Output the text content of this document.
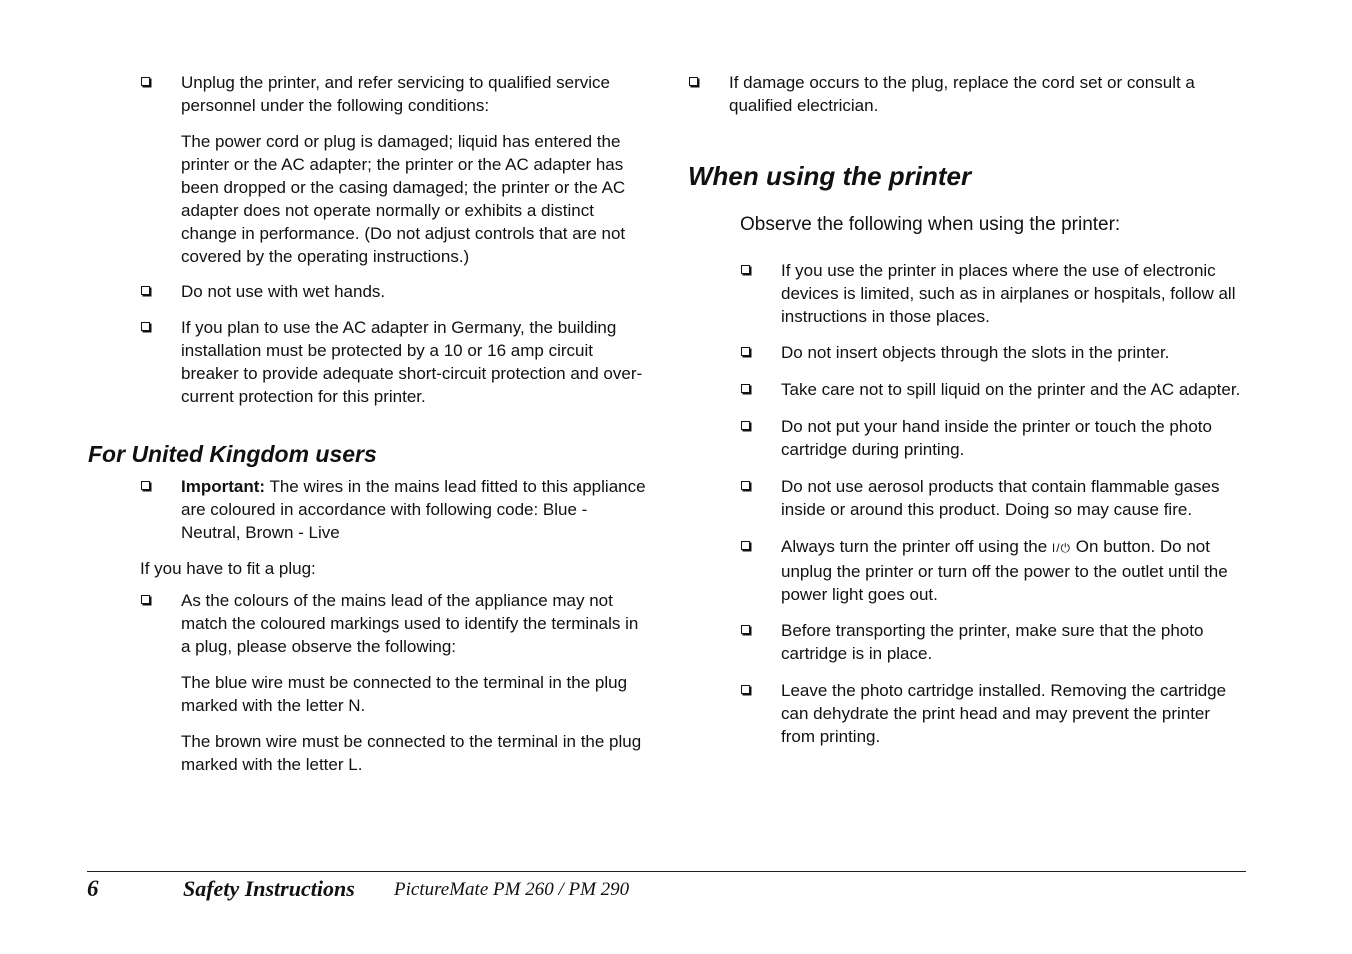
Unplug the printer, and refer servicing to qualified service personnel under the following conditions:
The power cord or plug is damaged; liquid has entered the printer or the AC adapter; the printer or the AC adapter has been dropped or the casing damaged; the printer or the AC adapter does not operate normally or exhibits a distinct change in performance. (Do not adjust controls that are not covered by the operating instructions.)
Do not use with wet hands.
If you plan to use the AC adapter in Germany, the building installation must be protected by a 10 or 16 amp circuit breaker to provide adequate short-circuit protection and over-current protection for this printer.
For United Kingdom users
Important: The wires in the mains lead fitted to this appliance are coloured in accordance with following code: Blue - Neutral, Brown - Live
If you have to fit a plug:
As the colours of the mains lead of the appliance may not match the coloured markings used to identify the terminals in a plug, please observe the following:
The blue wire must be connected to the terminal in the plug marked with the letter N.
The brown wire must be connected to the terminal in the plug marked with the letter L.
If damage occurs to the plug, replace the cord set or consult a qualified electrician.
When using the printer
Observe the following when using the printer:
If you use the printer in places where the use of electronic devices is limited, such as in airplanes or hospitals, follow all instructions in those places.
Do not insert objects through the slots in the printer.
Take care not to spill liquid on the printer and the AC adapter.
Do not put your hand inside the printer or touch the photo cartridge during printing.
Do not use aerosol products that contain flammable gases inside or around this product. Doing so may cause fire.
Always turn the printer off using the I/⏻ On button. Do not unplug the printer or turn off the power to the outlet until the power light goes out.
Before transporting the printer, make sure that the photo cartridge is in place.
Leave the photo cartridge installed. Removing the cartridge can dehydrate the print head and may prevent the printer from printing.
6	Safety Instructions PictureMate PM 260 / PM 290
